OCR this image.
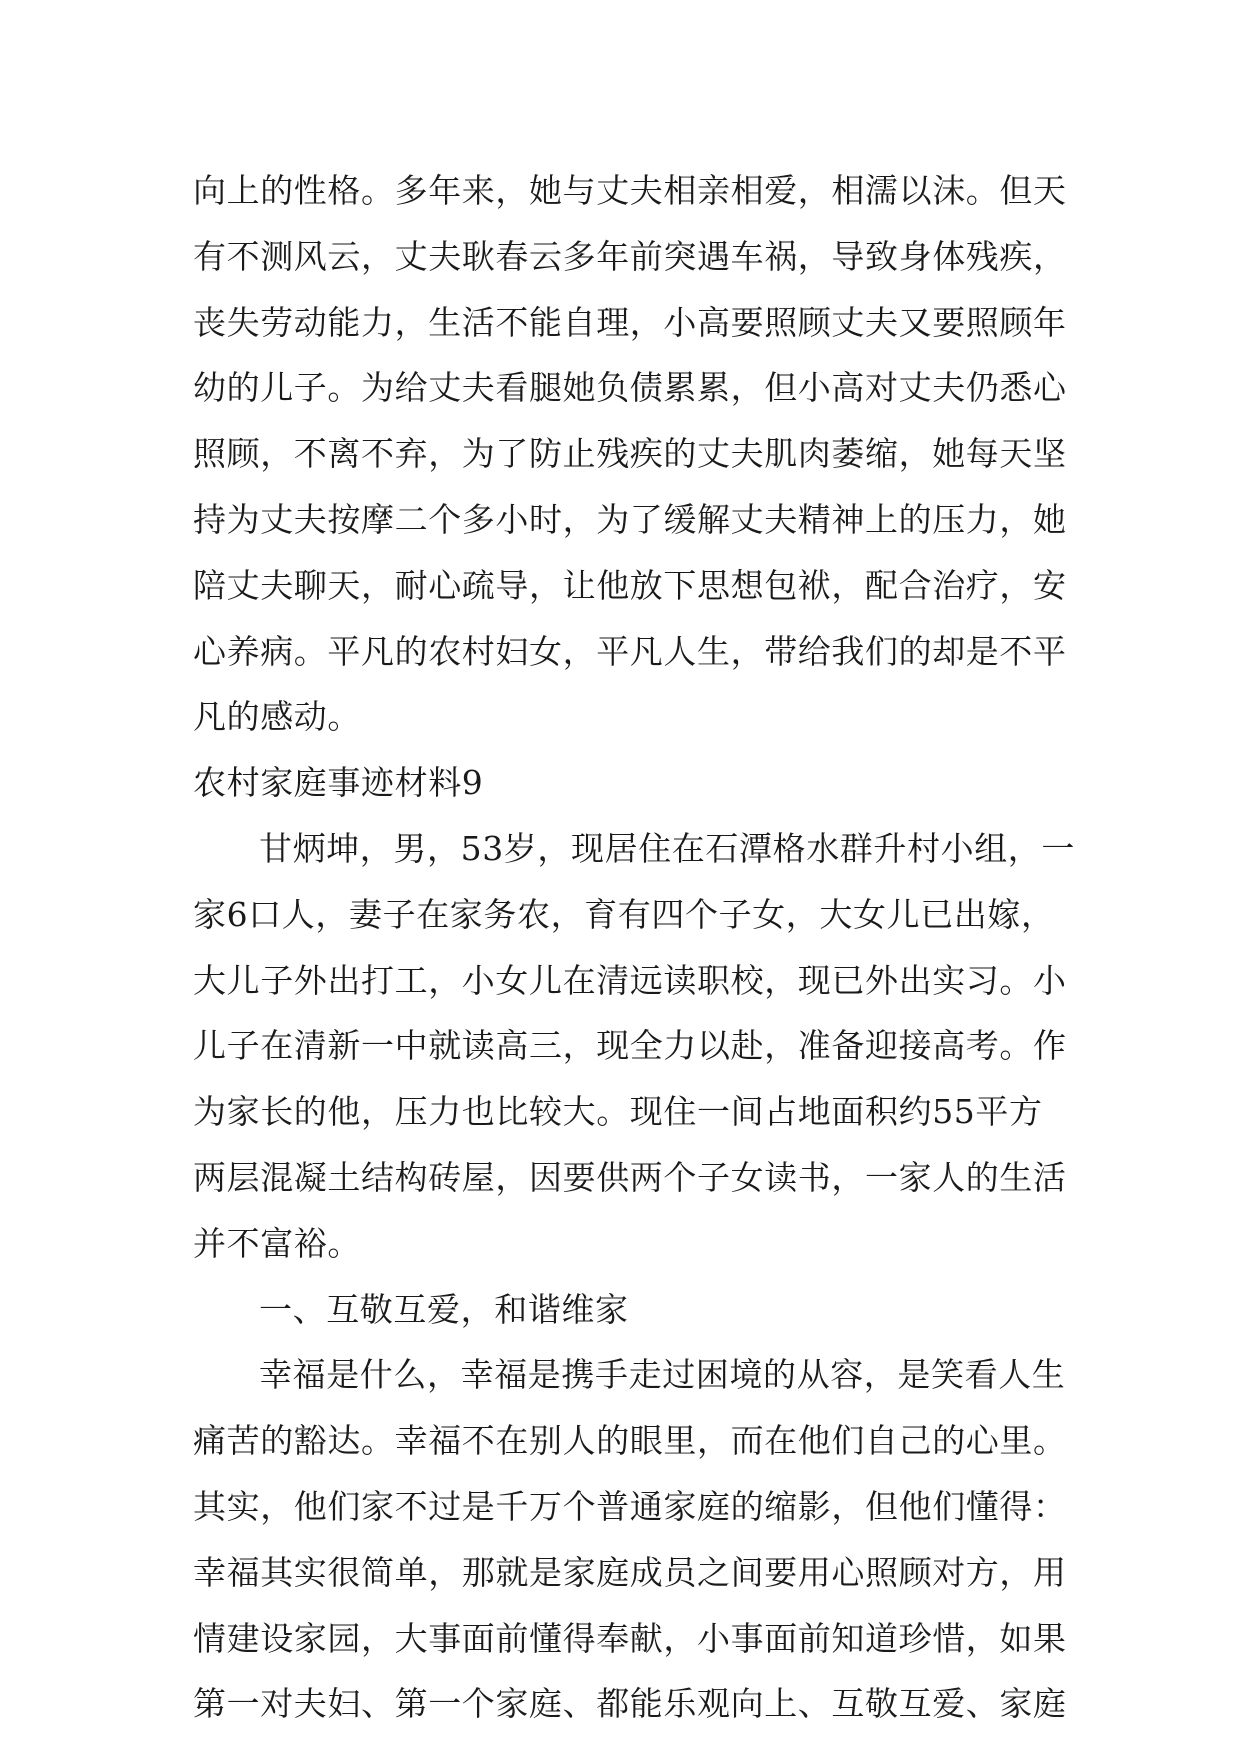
向上的性格。多年来，她与丈夫相亲相爱，相濡以沫。但天
有不测风云，丈夫耿春云多年前突遇车祸，导致身体残疾，
丧失劳动能力，生活不能自理，小高要照顾丈夫又要照顾年
幼的儿子。为给丈夫看腿她负债累累，但小高对丈夫仍悉心
照顾，不离不弃，为了防止残疾的丈夫肌肉萎缩，她每天坚
持为丈夫按摩二个多小时，为了缓解丈夫精神上的压力，她
陪丈夫聊天，耐心疏导，让他放下思想包袱，配合治疗，安
心养病。平凡的农村妇女，平凡人生，带给我们的却是不平
凡的感动。
农村家庭事迹材料9
甘炳坤，男，53岁，现居住在石潭格水群升村小组，一
家6口人，妻子在家务农，育有四个子女，大女儿已出嫁，
大儿子外出打工，小女儿在清远读职校，现已外出实习。小
儿子在清新一中就读高三，现全力以赴，准备迎接高考。作
为家长的他，压力也比较大。现住一间占地面积约55平方
两层混凝土结构砖屋，因要供两个子女读书，一家人的生活
并不富裕。
一、互敬互爱，和谐维家
幸福是什么，幸福是携手走过困境的从容，是笑看人生
痛苦的豁达。幸福不在别人的眼里，而在他们自己的心里。
其实，他们家不过是千万个普通家庭的缩影，但他们懂得：
幸福其实很简单，那就是家庭成员之间要用心照顾对方，用
情建设家园，大事面前懂得奉献，小事面前知道珍惜，如果
第一对夫妇、第一个家庭、都能乐观向上、互敬互爱、家庭
